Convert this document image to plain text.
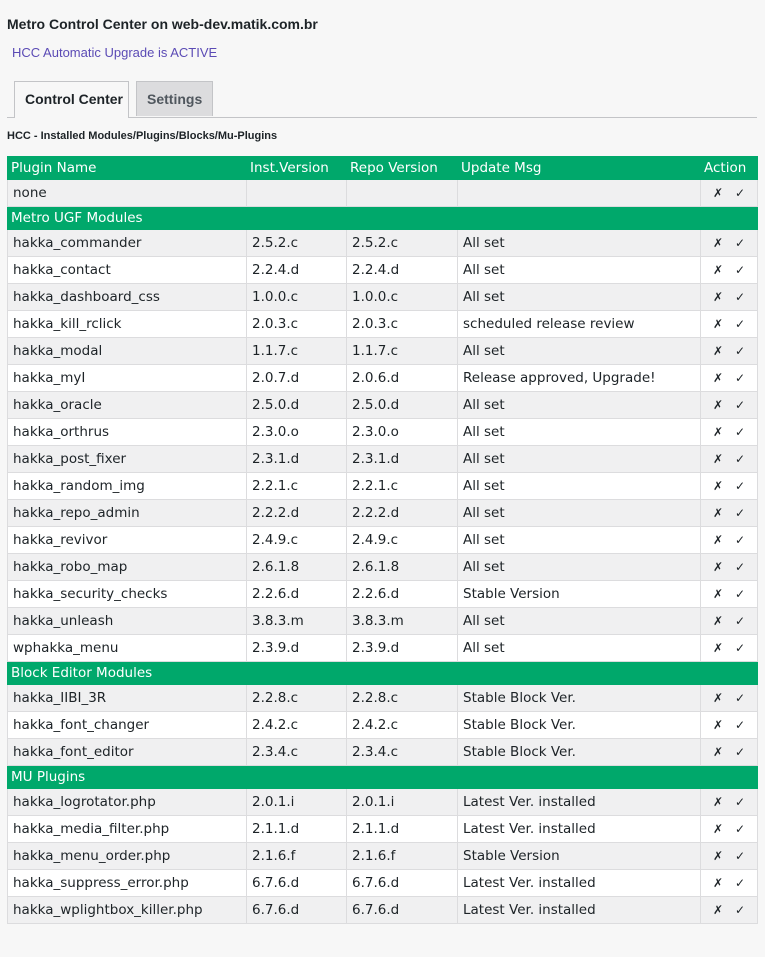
Metro Control Center on web-dev.matik.com.br
HCC Automatic Upgrade is ACTIVE
Control Center	Settings
HCC - Installed Modules/Plugins/Blocks/Mu-Plugins
Plugin Name	Inst.Version	Repo Version	Update Msg	Action
none				✗ ✓
Metro UGF Modules				
hakka_commander	2.5.2.c	2.5.2.c	All set	✗ ✓
hakka_contact	2.2.4.d	2.2.4.d	All set	✗ ✓
hakka_dashboard_css	1.0.0.c	1.0.0.c	All set	✗ ✓
hakka_kill_rclick	2.0.3.c	2.0.3.c	scheduled release review	✗ ✓
hakka_modal	1.1.7.c	1.1.7.c	All set	✗ ✓
hakka_myI	2.0.7.d	2.0.6.d	Release approved, Upgrade!	✗ ✓
hakka_oracle	2.5.0.d	2.5.0.d	All set	✗ ✓
hakka_orthrus	2.3.0.o	2.3.0.o	All set	✗ ✓
hakka_post_fixer	2.3.1.d	2.3.1.d	All set	✗ ✓
hakka_random_img	2.2.1.c	2.2.1.c	All set	✗ ✓
hakka_repo_admin	2.2.2.d	2.2.2.d	All set	✗ ✓
hakka_revivor	2.4.9.c	2.4.9.c	All set	✗ ✓
hakka_robo_map	2.6.1.8	2.6.1.8	All set	✗ ✓
hakka_security_checks	2.2.6.d	2.2.6.d	Stable Version	✗ ✓
hakka_unleash	3.8.3.m	3.8.3.m	All set	✗ ✓
wphakka_menu	2.3.9.d	2.3.9.d	All set	✗ ✓
Block Editor Modules				
hakka_IIBI_3R	2.2.8.c	2.2.8.c	Stable Block Ver.	✗ ✓
hakka_font_changer	2.4.2.c	2.4.2.c	Stable Block Ver.	✗ ✓
hakka_font_editor	2.3.4.c	2.3.4.c	Stable Block Ver.	✗ ✓
MU Plugins				
hakka_logrotator.php	2.0.1.i	2.0.1.i	Latest Ver. installed	✗ ✓
hakka_media_filter.php	2.1.1.d	2.1.1.d	Latest Ver. installed	✗ ✓
hakka_menu_order.php	2.1.6.f	2.1.6.f	Stable Version	✗ ✓
hakka_suppress_error.php	6.7.6.d	6.7.6.d	Latest Ver. installed	✗ ✓
hakka_wplightbox_killer.php	6.7.6.d	6.7.6.d	Latest Ver. installed	✗ ✓
